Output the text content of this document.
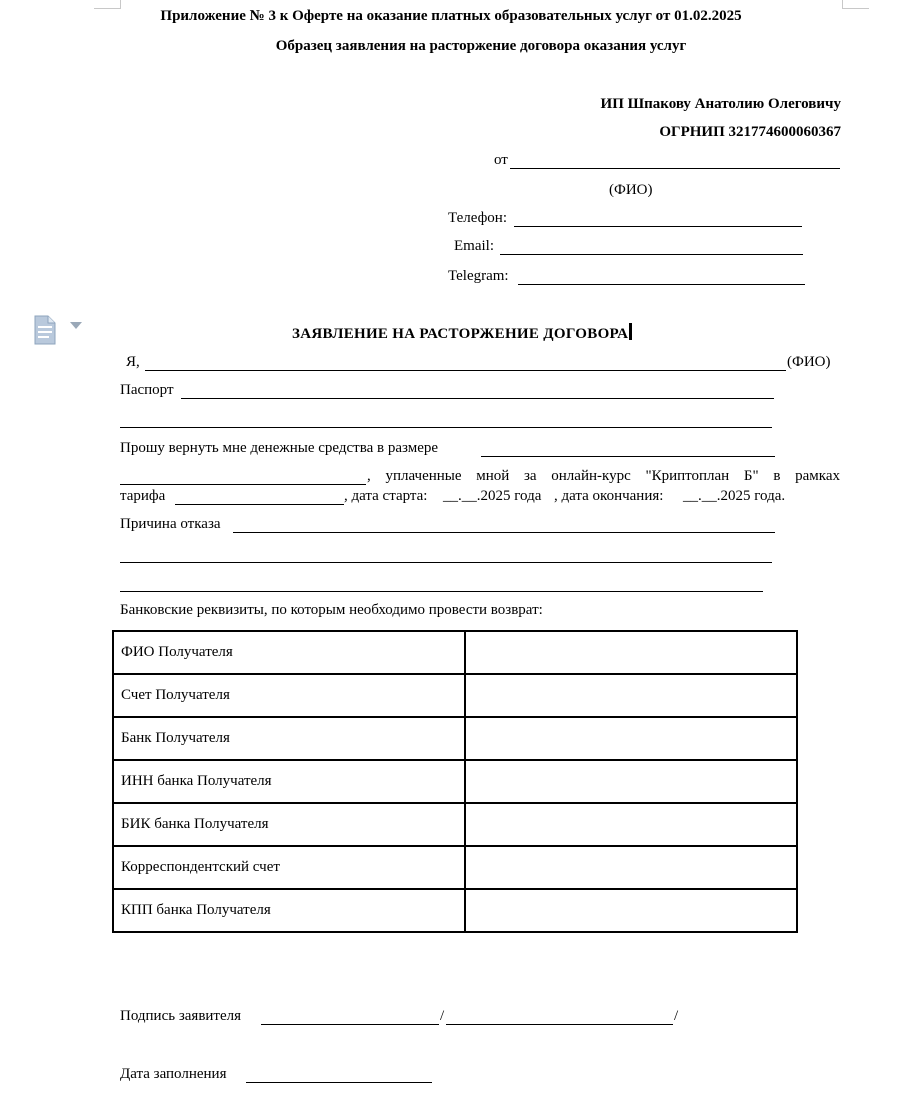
Приложение № 3 к Оферте на оказание платных образовательных услуг от 01.02.2025
Образец заявления на расторжение договора оказания услуг
ИП Шпакову Анатолию Олеговичу
ОГРНИП 321774600060367
от
(ФИО)
Телефон:
Email:
Telegram:
ЗАЯВЛЕНИЕ НА РАСТОРЖЕНИЕ ДОГОВОРА
Я,	(ФИО)
Паспорт
Прошу вернуть мне денежные средства в размере
, уплаченные мной за онлайн-курс "Криптоплан Б" в рамках
тарифа	, дата старта: __.__.2025 года , дата окончания: __.__.2025 года.
Причина отказа
Банковские реквизиты, по которым необходимо провести возврат:
ФИО Получателя	
Счет Получателя	
Банк Получателя	
ИНН банка Получателя	
БИК банка Получателя	
Корреспондентский счет	
КПП банка Получателя	
Подпись заявителя	/	/
Дата заполнения
